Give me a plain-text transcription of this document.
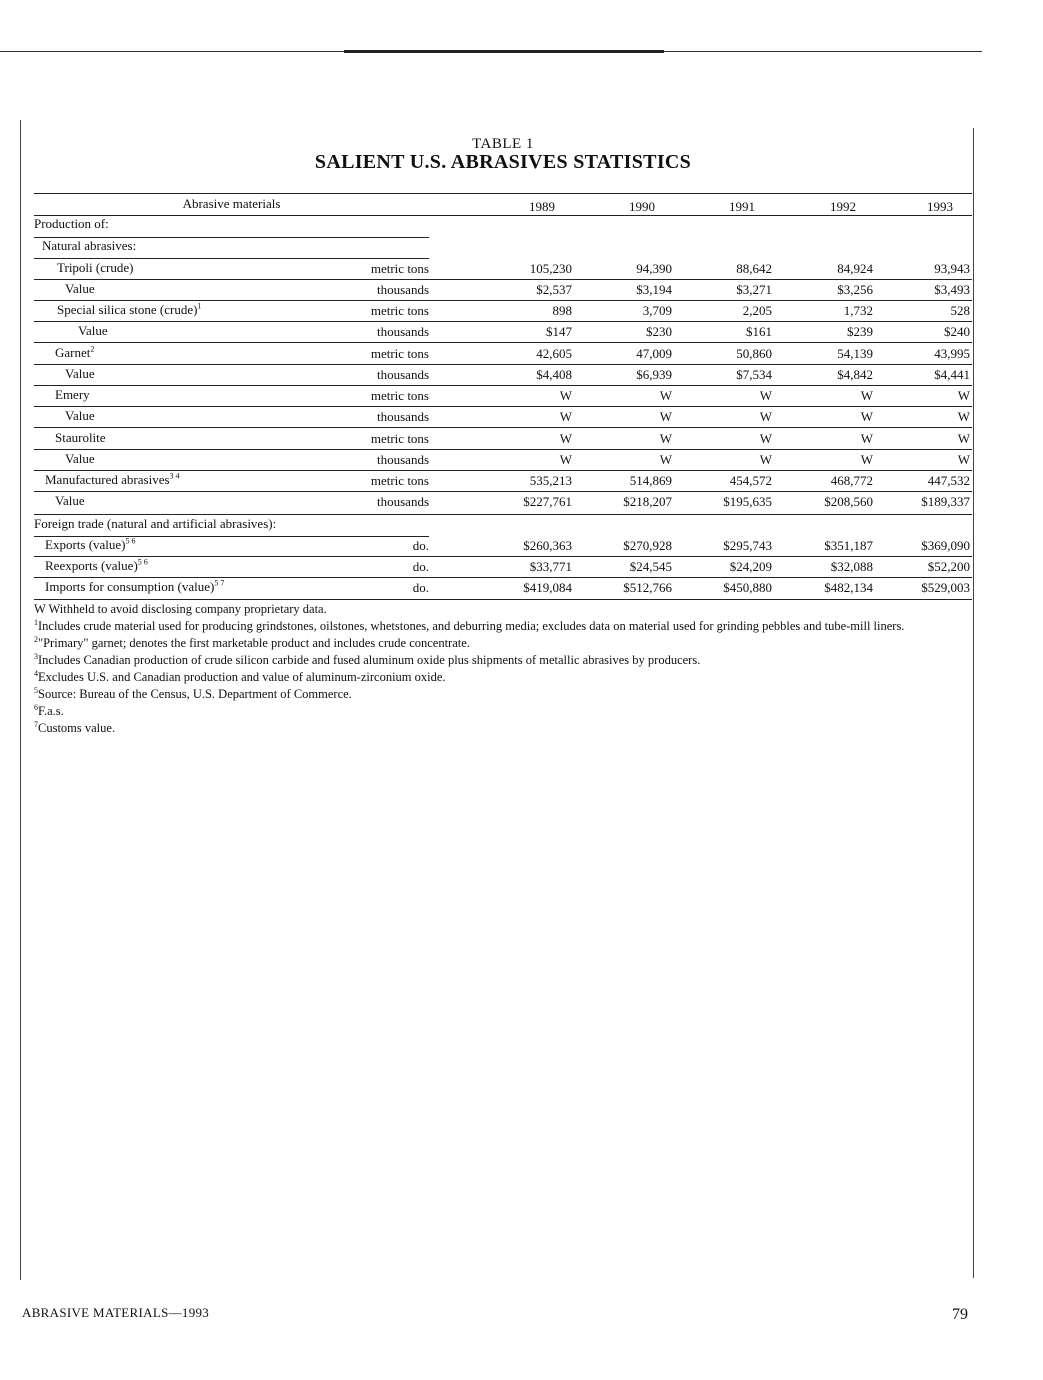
TABLE 1
SALIENT U.S. ABRASIVES STATISTICS
Abrasive materials	1989	1990	1991	1992	1993
Production of:
Natural abrasives:
Tripoli (crude)	metric tons	105,230	94,390	88,642	84,924	93,943
Value	thousands	$2,537	$3,194	$3,271	$3,256	$3,493
Special silica stone (crude)$^1$	metric tons	898	3,709	2,205	1,732	528
Value	thousands	$147	$230	$161	$239	$240
Garnet$^2$	metric tons	42,605	47,009	50,860	54,139	43,995
Value	thousands	$4,408	$6,939	$7,534	$4,842	$4,441
Emery	metric tons	W	W	W	W	W
Value	thousands	W	W	W	W	W
Staurolite	metric tons	W	W	W	W	W
Value	thousands	W	W	W	W	W
Manufactured abrasives$^{3 4}$	metric tons	535,213	514,869	454,572	468,772	447,532
Value	thousands	$227,761	$218,207	$195,635	$208,560	$189,337
Exports (value)$^{5 6}$	do.	$260,363	$270,928	$295,743	$351,187	$369,090
Reexports (value)$^{5 6}$	do.	$33,771	$24,545	$24,209	$32,088	$52,200
Imports for consumption (value)$^{5 7}$	do.	$419,084	$512,766	$450,880	$482,134	$529,003
Foreign trade (natural and artificial abrasives):

W Withheld to avoid disclosing company proprietary data.

$^1$Includes crude material used for producing grindstones, oilstones, whetstones, and deburring media; excludes data on material used for grinding pebbles and tube-mill liners.

$^2$"Primary" garnet; denotes the first marketable product and includes crude concentrate.

$^3$Includes Canadian production of crude silicon carbide and fused aluminum oxide plus shipments of metallic abrasives by producers.

$^4$Excludes U.S. and Canadian production and value of aluminum-zirconium oxide.

$^5$Source: Bureau of the Census, U.S. Department of Commerce.

$^6$F.a.s.

$^7$Customs value.

ABRASIVE MATERIALS—1993	79
